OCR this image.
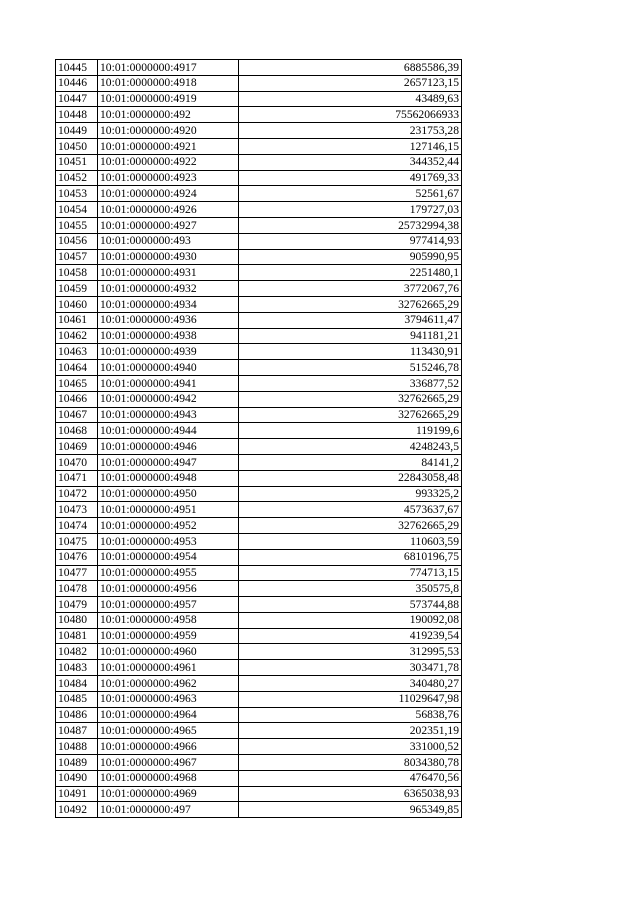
10445	10:01:0000000:4917	6885586,39
10446	10:01:0000000:4918	2657123,15
10447	10:01:0000000:4919	43489,63
10448	10:01:0000000:492	75562066933
10449	10:01:0000000:4920	231753,28
10450	10:01:0000000:4921	127146,15
10451	10:01:0000000:4922	344352,44
10452	10:01:0000000:4923	491769,33
10453	10:01:0000000:4924	52561,67
10454	10:01:0000000:4926	179727,03
10455	10:01:0000000:4927	25732994,38
10456	10:01:0000000:493	977414,93
10457	10:01:0000000:4930	905990,95
10458	10:01:0000000:4931	2251480,1
10459	10:01:0000000:4932	3772067,76
10460	10:01:0000000:4934	32762665,29
10461	10:01:0000000:4936	3794611,47
10462	10:01:0000000:4938	941181,21
10463	10:01:0000000:4939	113430,91
10464	10:01:0000000:4940	515246,78
10465	10:01:0000000:4941	336877,52
10466	10:01:0000000:4942	32762665,29
10467	10:01:0000000:4943	32762665,29
10468	10:01:0000000:4944	119199,6
10469	10:01:0000000:4946	4248243,5
10470	10:01:0000000:4947	84141,2
10471	10:01:0000000:4948	22843058,48
10472	10:01:0000000:4950	993325,2
10473	10:01:0000000:4951	4573637,67
10474	10:01:0000000:4952	32762665,29
10475	10:01:0000000:4953	110603,59
10476	10:01:0000000:4954	6810196,75
10477	10:01:0000000:4955	774713,15
10478	10:01:0000000:4956	350575,8
10479	10:01:0000000:4957	573744,88
10480	10:01:0000000:4958	190092,08
10481	10:01:0000000:4959	419239,54
10482	10:01:0000000:4960	312995,53
10483	10:01:0000000:4961	303471,78
10484	10:01:0000000:4962	340480,27
10485	10:01:0000000:4963	11029647,98
10486	10:01:0000000:4964	56838,76
10487	10:01:0000000:4965	202351,19
10488	10:01:0000000:4966	331000,52
10489	10:01:0000000:4967	8034380,78
10490	10:01:0000000:4968	476470,56
10491	10:01:0000000:4969	6365038,93
10492	10:01:0000000:497	965349,85
